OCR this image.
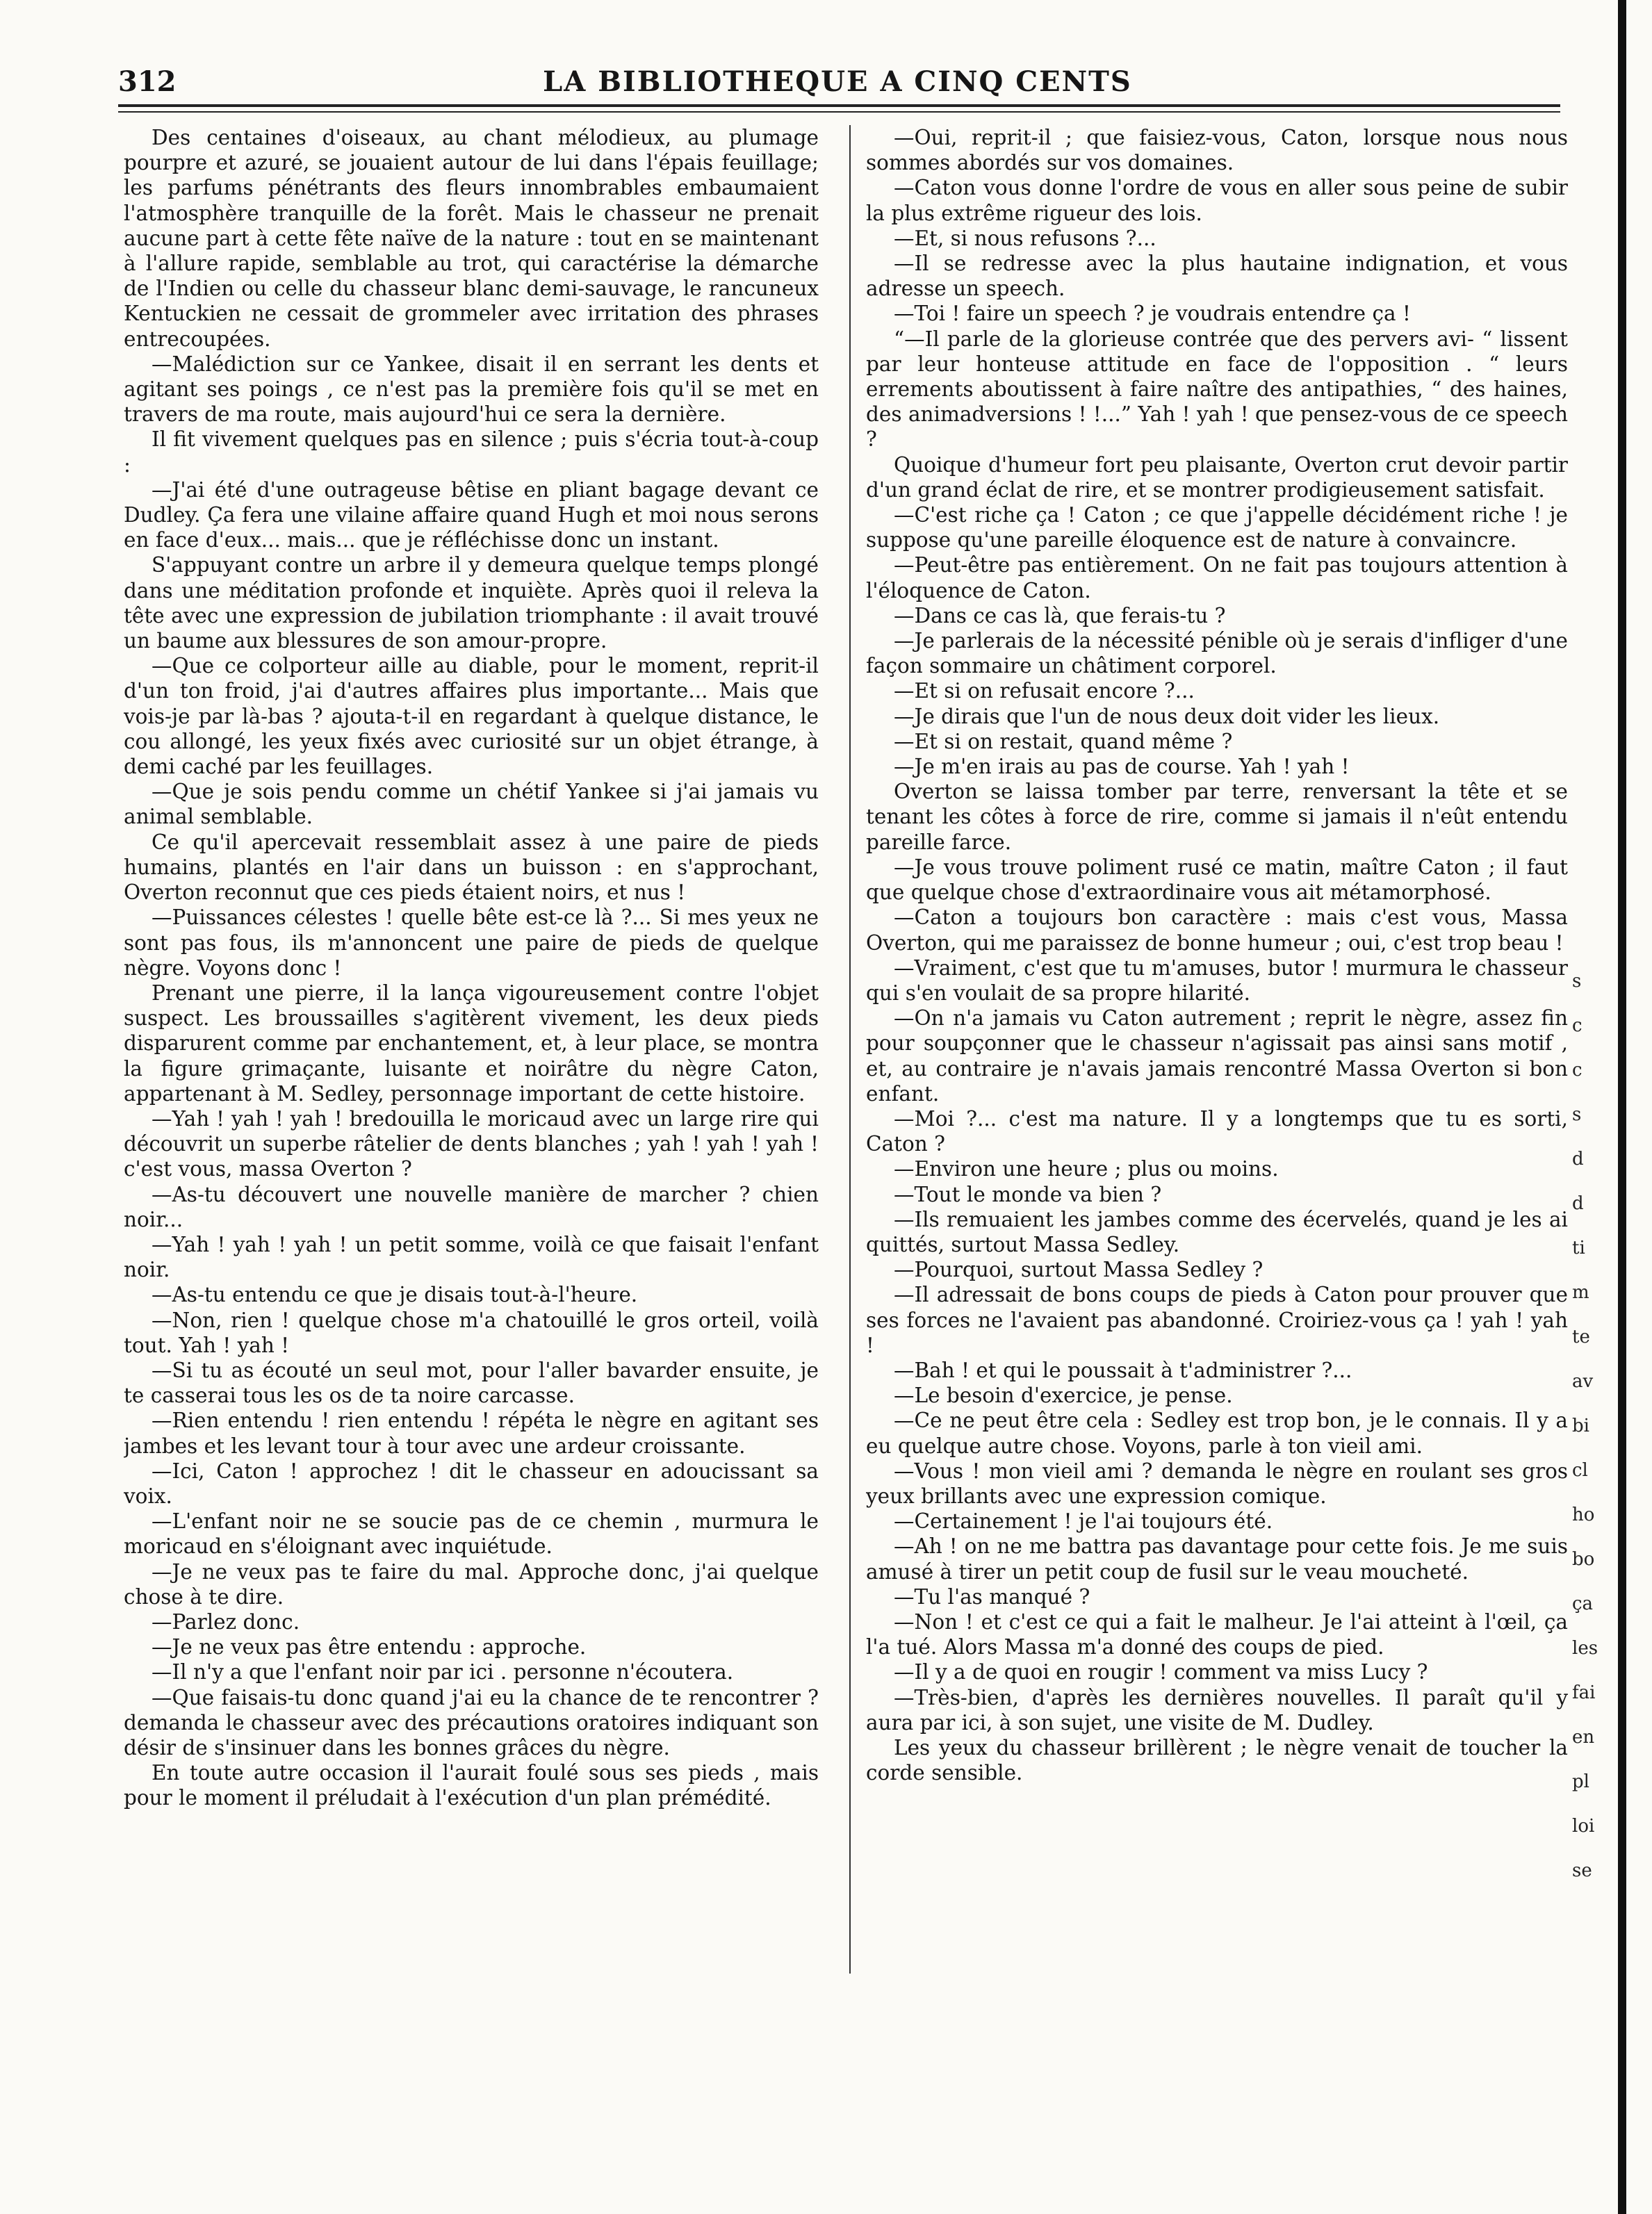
312	LA BIBLIOTHEQUE A CINQ CENTS

Des centaines d'oiseaux, au chant mélodieux, au plumage pourpre et azuré, se jouaient autour de lui dans l'épais feuillage; les parfums pénétrants des fleurs innombrables embaumaient l'atmosphère tranquille de la forêt. Mais le chasseur ne prenait aucune part à cette fête naïve de la nature : tout en se maintenant à l'allure rapide, semblable au trot, qui caractérise la démarche de l'Indien ou celle du chasseur blanc demi-sauvage, le rancuneux Kentuckien ne cessait de grommeler avec irritation des phrases entrecoupées.

—Malédiction sur ce Yankee, disait il en serrant les dents et agitant ses poings , ce n'est pas la première fois qu'il se met en travers de ma route, mais aujourd'hui ce sera la dernière.

Il fit vivement quelques pas en silence ; puis s'écria tout-à-coup :

—J'ai été d'une outrageuse bêtise en pliant bagage devant ce Dudley. Ça fera une vilaine affaire quand Hugh et moi nous serons en face d'eux... mais... que je réfléchisse donc un instant.

S'appuyant contre un arbre il y demeura quelque temps plongé dans une méditation profonde et inquiète. Après quoi il releva la tête avec une expression de jubilation triomphante : il avait trouvé un baume aux blessures de son amour-propre.

—Que ce colporteur aille au diable, pour le moment, reprit-il d'un ton froid, j'ai d'autres affaires plus importante... Mais que vois-je par là-bas ? ajouta-t-il en regardant à quelque distance, le cou allongé, les yeux fixés avec curiosité sur un objet étrange, à demi caché par les feuillages.

—Que je sois pendu comme un chétif Yankee si j'ai jamais vu animal semblable.

Ce qu'il apercevait ressemblait assez à une paire de pieds humains, plantés en l'air dans un buisson : en s'approchant, Overton reconnut que ces pieds étaient noirs, et nus !

—Puissances célestes ! quelle bête est-ce là ?... Si mes yeux ne sont pas fous, ils m'annoncent une paire de pieds de quelque nègre. Voyons donc !

Prenant une pierre, il la lança vigoureusement contre l'objet suspect. Les broussailles s'agitèrent vivement, les deux pieds disparurent comme par enchantement, et, à leur place, se montra la figure grimaçante, luisante et noirâtre du nègre Caton, appartenant à M. Sedley, personnage important de cette histoire.

—Yah ! yah ! yah ! bredouilla le moricaud avec un large rire qui découvrit un superbe râtelier de dents blanches ; yah ! yah ! yah ! c'est vous, massa Overton ?

—As-tu découvert une nouvelle manière de marcher ? chien noir...

—Yah ! yah ! yah ! un petit somme, voilà ce que faisait l'enfant noir.

—As-tu entendu ce que je disais tout-à-l'heure.

—Non, rien ! quelque chose m'a chatouillé le gros orteil, voilà tout. Yah ! yah !

—Si tu as écouté un seul mot, pour l'aller bavarder ensuite, je te casserai tous les os de ta noire carcasse.

—Rien entendu ! rien entendu ! répéta le nègre en agitant ses jambes et les levant tour à tour avec une ardeur croissante.

—Ici, Caton ! approchez ! dit le chasseur en adoucissant sa voix.

—L'enfant noir ne se soucie pas de ce chemin , murmura le moricaud en s'éloignant avec inquiétude.

—Je ne veux pas te faire du mal. Approche donc, j'ai quelque chose à te dire.

—Parlez donc.

—Je ne veux pas être entendu : approche.

—Il n'y a que l'enfant noir par ici . personne n'écoutera.

—Que faisais-tu donc quand j'ai eu la chance de te rencontrer ? demanda le chasseur avec des précautions oratoires indiquant son désir de s'insinuer dans les bonnes grâces du nègre.

En toute autre occasion il l'aurait foulé sous ses pieds , mais pour le moment il préludait à l'exécution d'un plan prémédité.

—Oui, reprit-il ; que faisiez-vous, Caton, lorsque nous nous sommes abordés sur vos domaines.

—Caton vous donne l'ordre de vous en aller sous peine de subir la plus extrême rigueur des lois.

—Et, si nous refusons ?...

—Il se redresse avec la plus hautaine indignation, et vous adresse un speech.

—Toi ! faire un speech ? je voudrais entendre ça !

“—Il parle de la glorieuse contrée que des pervers avi- “ lissent par leur honteuse attitude en face de l'opposition . “ leurs errements aboutissent à faire naître des antipathies, “ des haines, des animadversions ! !...” Yah ! yah ! que pensez-vous de ce speech ?

Quoique d'humeur fort peu plaisante, Overton crut devoir partir d'un grand éclat de rire, et se montrer prodigieusement satisfait.

—C'est riche ça ! Caton ; ce que j'appelle décidément riche ! je suppose qu'une pareille éloquence est de nature à convaincre.

—Peut-être pas entièrement. On ne fait pas toujours attention à l'éloquence de Caton.

—Dans ce cas là, que ferais-tu ?

—Je parlerais de la nécessité pénible où je serais d'infliger d'une façon sommaire un châtiment corporel.

—Et si on refusait encore ?...

—Je dirais que l'un de nous deux doit vider les lieux.

—Et si on restait, quand même ?

—Je m'en irais au pas de course. Yah ! yah !

Overton se laissa tomber par terre, renversant la tête et se tenant les côtes à force de rire, comme si jamais il n'eût entendu pareille farce.

—Je vous trouve poliment rusé ce matin, maître Caton ; il faut que quelque chose d'extraordinaire vous ait métamorphosé.

—Caton a toujours bon caractère : mais c'est vous, Massa Overton, qui me paraissez de bonne humeur ; oui, c'est trop beau !

—Vraiment, c'est que tu m'amuses, butor ! murmura le chasseur qui s'en voulait de sa propre hilarité.

—On n'a jamais vu Caton autrement ; reprit le nègre, assez fin pour soupçonner que le chasseur n'agissait pas ainsi sans motif , et, au contraire je n'avais jamais rencontré Massa Overton si bon enfant.

—Moi ?... c'est ma nature. Il y a longtemps que tu es sorti, Caton ?

—Environ une heure ; plus ou moins.

—Tout le monde va bien ?

—Ils remuaient les jambes comme des écervelés, quand je les ai quittés, surtout Massa Sedley.

—Pourquoi, surtout Massa Sedley ?

—Il adressait de bons coups de pieds à Caton pour prouver que ses forces ne l'avaient pas abandonné. Croiriez-vous ça ! yah ! yah !

—Bah ! et qui le poussait à t'administrer ?...

—Le besoin d'exercice, je pense.

—Ce ne peut être cela : Sedley est trop bon, je le connais. Il y a eu quelque autre chose. Voyons, parle à ton vieil ami.

—Vous ! mon vieil ami ? demanda le nègre en roulant ses gros yeux brillants avec une expression comique.

—Certainement ! je l'ai toujours été.

—Ah ! on ne me battra pas davantage pour cette fois. Je me suis amusé à tirer un petit coup de fusil sur le veau moucheté.

—Tu l'as manqué ?

—Non ! et c'est ce qui a fait le malheur. Je l'ai atteint à l'œil, ça l'a tué. Alors Massa m'a donné des coups de pied.

—Il y a de quoi en rougir ! comment va miss Lucy ?

—Très-bien, d'après les dernières nouvelles. Il paraît qu'il y aura par ici, à son sujet, une visite de M. Dudley.

Les yeux du chasseur brillèrent ; le nègre venait de toucher la corde sensible.

s
c
c
s
d
d
ti
m
te
av
bi
cl
ho
bo
ça
les
fai
en
pl
loi
se
